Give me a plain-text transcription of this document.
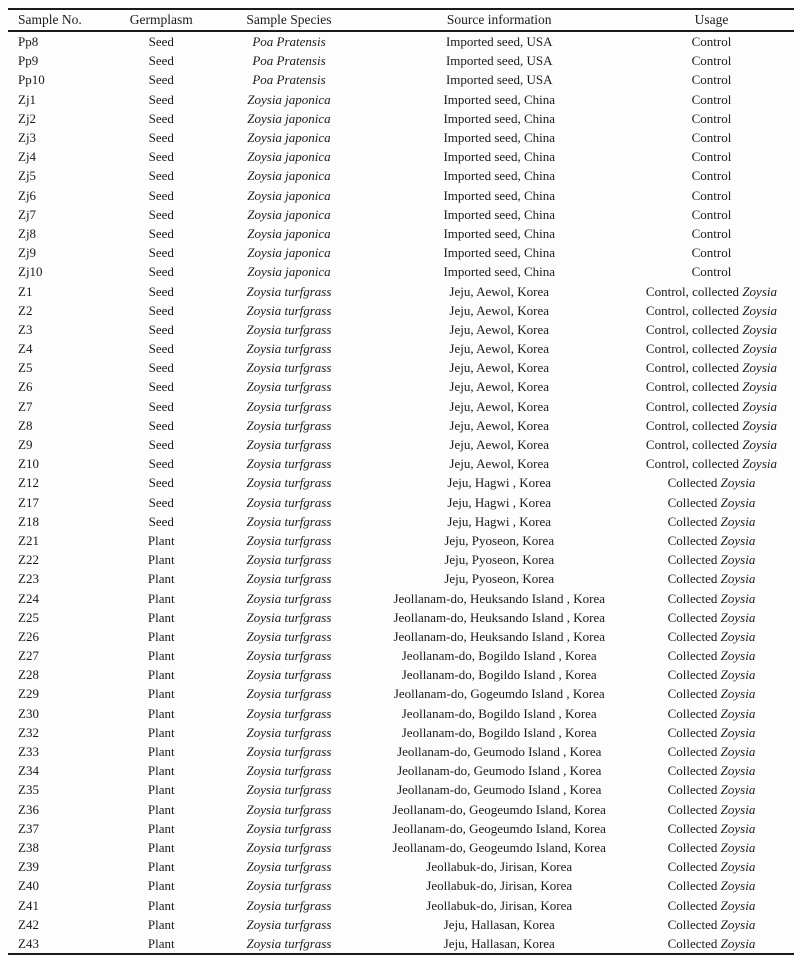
Sample No.	Germplasm	Sample Species	Source information	Usage
Pp8	Seed	Poa Pratensis	Imported seed, USA	Control
Pp9	Seed	Poa Pratensis	Imported seed, USA	Control
Pp10	Seed	Poa Pratensis	Imported seed, USA	Control
Zj1	Seed	Zoysia japonica	Imported seed, China	Control
Zj2	Seed	Zoysia japonica	Imported seed, China	Control
Zj3	Seed	Zoysia japonica	Imported seed, China	Control
Zj4	Seed	Zoysia japonica	Imported seed, China	Control
Zj5	Seed	Zoysia japonica	Imported seed, China	Control
Zj6	Seed	Zoysia japonica	Imported seed, China	Control
Zj7	Seed	Zoysia japonica	Imported seed, China	Control
Zj8	Seed	Zoysia japonica	Imported seed, China	Control
Zj9	Seed	Zoysia japonica	Imported seed, China	Control
Zj10	Seed	Zoysia japonica	Imported seed, China	Control
Z1	Seed	Zoysia turfgrass	Jeju, Aewol, Korea	Control, collected Zoysia
Z2	Seed	Zoysia turfgrass	Jeju, Aewol, Korea	Control, collected Zoysia
Z3	Seed	Zoysia turfgrass	Jeju, Aewol, Korea	Control, collected Zoysia
Z4	Seed	Zoysia turfgrass	Jeju, Aewol, Korea	Control, collected Zoysia
Z5	Seed	Zoysia turfgrass	Jeju, Aewol, Korea	Control, collected Zoysia
Z6	Seed	Zoysia turfgrass	Jeju, Aewol, Korea	Control, collected Zoysia
Z7	Seed	Zoysia turfgrass	Jeju, Aewol, Korea	Control, collected Zoysia
Z8	Seed	Zoysia turfgrass	Jeju, Aewol, Korea	Control, collected Zoysia
Z9	Seed	Zoysia turfgrass	Jeju, Aewol, Korea	Control, collected Zoysia
Z10	Seed	Zoysia turfgrass	Jeju, Aewol, Korea	Control, collected Zoysia
Z12	Seed	Zoysia turfgrass	Jeju, Hagwi , Korea	Collected Zoysia
Z17	Seed	Zoysia turfgrass	Jeju, Hagwi , Korea	Collected Zoysia
Z18	Seed	Zoysia turfgrass	Jeju, Hagwi , Korea	Collected Zoysia
Z21	Plant	Zoysia turfgrass	Jeju, Pyoseon, Korea	Collected Zoysia
Z22	Plant	Zoysia turfgrass	Jeju, Pyoseon, Korea	Collected Zoysia
Z23	Plant	Zoysia turfgrass	Jeju, Pyoseon, Korea	Collected Zoysia
Z24	Plant	Zoysia turfgrass	Jeollanam-do, Heuksando Island , Korea	Collected Zoysia
Z25	Plant	Zoysia turfgrass	Jeollanam-do, Heuksando Island , Korea	Collected Zoysia
Z26	Plant	Zoysia turfgrass	Jeollanam-do, Heuksando Island , Korea	Collected Zoysia
Z27	Plant	Zoysia turfgrass	Jeollanam-do, Bogildo Island , Korea	Collected Zoysia
Z28	Plant	Zoysia turfgrass	Jeollanam-do, Bogildo Island , Korea	Collected Zoysia
Z29	Plant	Zoysia turfgrass	Jeollanam-do, Gogeumdo Island , Korea	Collected Zoysia
Z30	Plant	Zoysia turfgrass	Jeollanam-do, Bogildo Island , Korea	Collected Zoysia
Z32	Plant	Zoysia turfgrass	Jeollanam-do, Bogildo Island , Korea	Collected Zoysia
Z33	Plant	Zoysia turfgrass	Jeollanam-do, Geumodo Island , Korea	Collected Zoysia
Z34	Plant	Zoysia turfgrass	Jeollanam-do, Geumodo Island , Korea	Collected Zoysia
Z35	Plant	Zoysia turfgrass	Jeollanam-do, Geumodo Island , Korea	Collected Zoysia
Z36	Plant	Zoysia turfgrass	Jeollanam-do, Geogeumdo Island, Korea	Collected Zoysia
Z37	Plant	Zoysia turfgrass	Jeollanam-do, Geogeumdo Island, Korea	Collected Zoysia
Z38	Plant	Zoysia turfgrass	Jeollanam-do, Geogeumdo Island, Korea	Collected Zoysia
Z39	Plant	Zoysia turfgrass	Jeollabuk-do, Jirisan, Korea	Collected Zoysia
Z40	Plant	Zoysia turfgrass	Jeollabuk-do, Jirisan, Korea	Collected Zoysia
Z41	Plant	Zoysia turfgrass	Jeollabuk-do, Jirisan, Korea	Collected Zoysia
Z42	Plant	Zoysia turfgrass	Jeju, Hallasan, Korea	Collected Zoysia
Z43	Plant	Zoysia turfgrass	Jeju, Hallasan, Korea	Collected Zoysia
